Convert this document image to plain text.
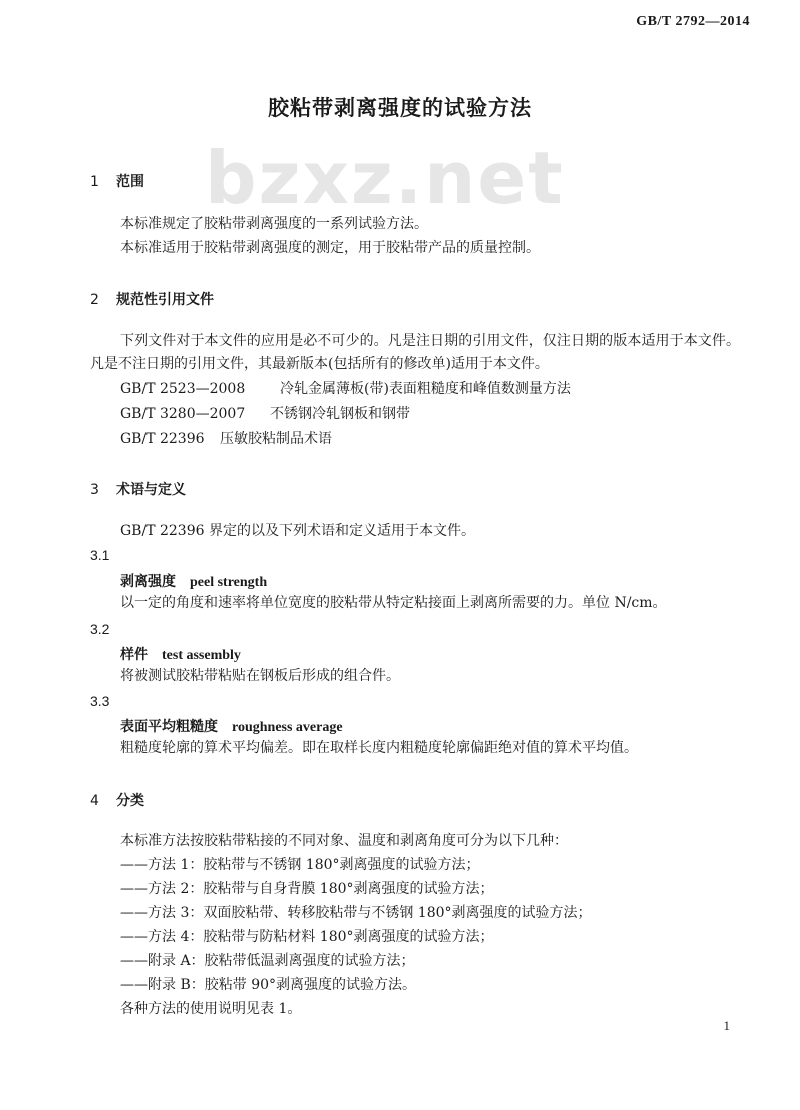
GB/T 2792—2014
bzxz.net
胶粘带剥离强度的试验方法
1 范围
本标准规定了胶粘带剥离强度的一系列试验方法。
本标准适用于胶粘带剥离强度的测定，用于胶粘带产品的质量控制。
2 规范性引用文件
下列文件对于本文件的应用是必不可少的。凡是注日期的引用文件，仅注日期的版本适用于本文件。凡是不注日期的引用文件，其最新版本(包括所有的修改单)适用于本文件。
GB/T 2523—2008 冷轧金属薄板(带)表面粗糙度和峰值数测量方法
GB/T 3280—2007 不锈钢冷轧钢板和钢带
GB/T 22396 压敏胶粘制品术语
3 术语与定义
GB/T 22396 界定的以及下列术语和定义适用于本文件。
3.1
剥离强度 peel strength
以一定的角度和速率将单位宽度的胶粘带从特定粘接面上剥离所需要的力。单位 N/cm。
3.2
样件 test assembly
将被测试胶粘带粘贴在钢板后形成的组合件。
3.3
表面平均粗糙度 roughness average
粗糙度轮廓的算术平均偏差。即在取样长度内粗糙度轮廓偏距绝对值的算术平均值。
4 分类
本标准方法按胶粘带粘接的不同对象、温度和剥离角度可分为以下几种：
——方法 1：胶粘带与不锈钢 180°剥离强度的试验方法；
——方法 2：胶粘带与自身背膜 180°剥离强度的试验方法；
——方法 3：双面胶粘带、转移胶粘带与不锈钢 180°剥离强度的试验方法；
——方法 4：胶粘带与防粘材料 180°剥离强度的试验方法；
——附录 A：胶粘带低温剥离强度的试验方法；
——附录 B：胶粘带 90°剥离强度的试验方法。
各种方法的使用说明见表 1。
1
